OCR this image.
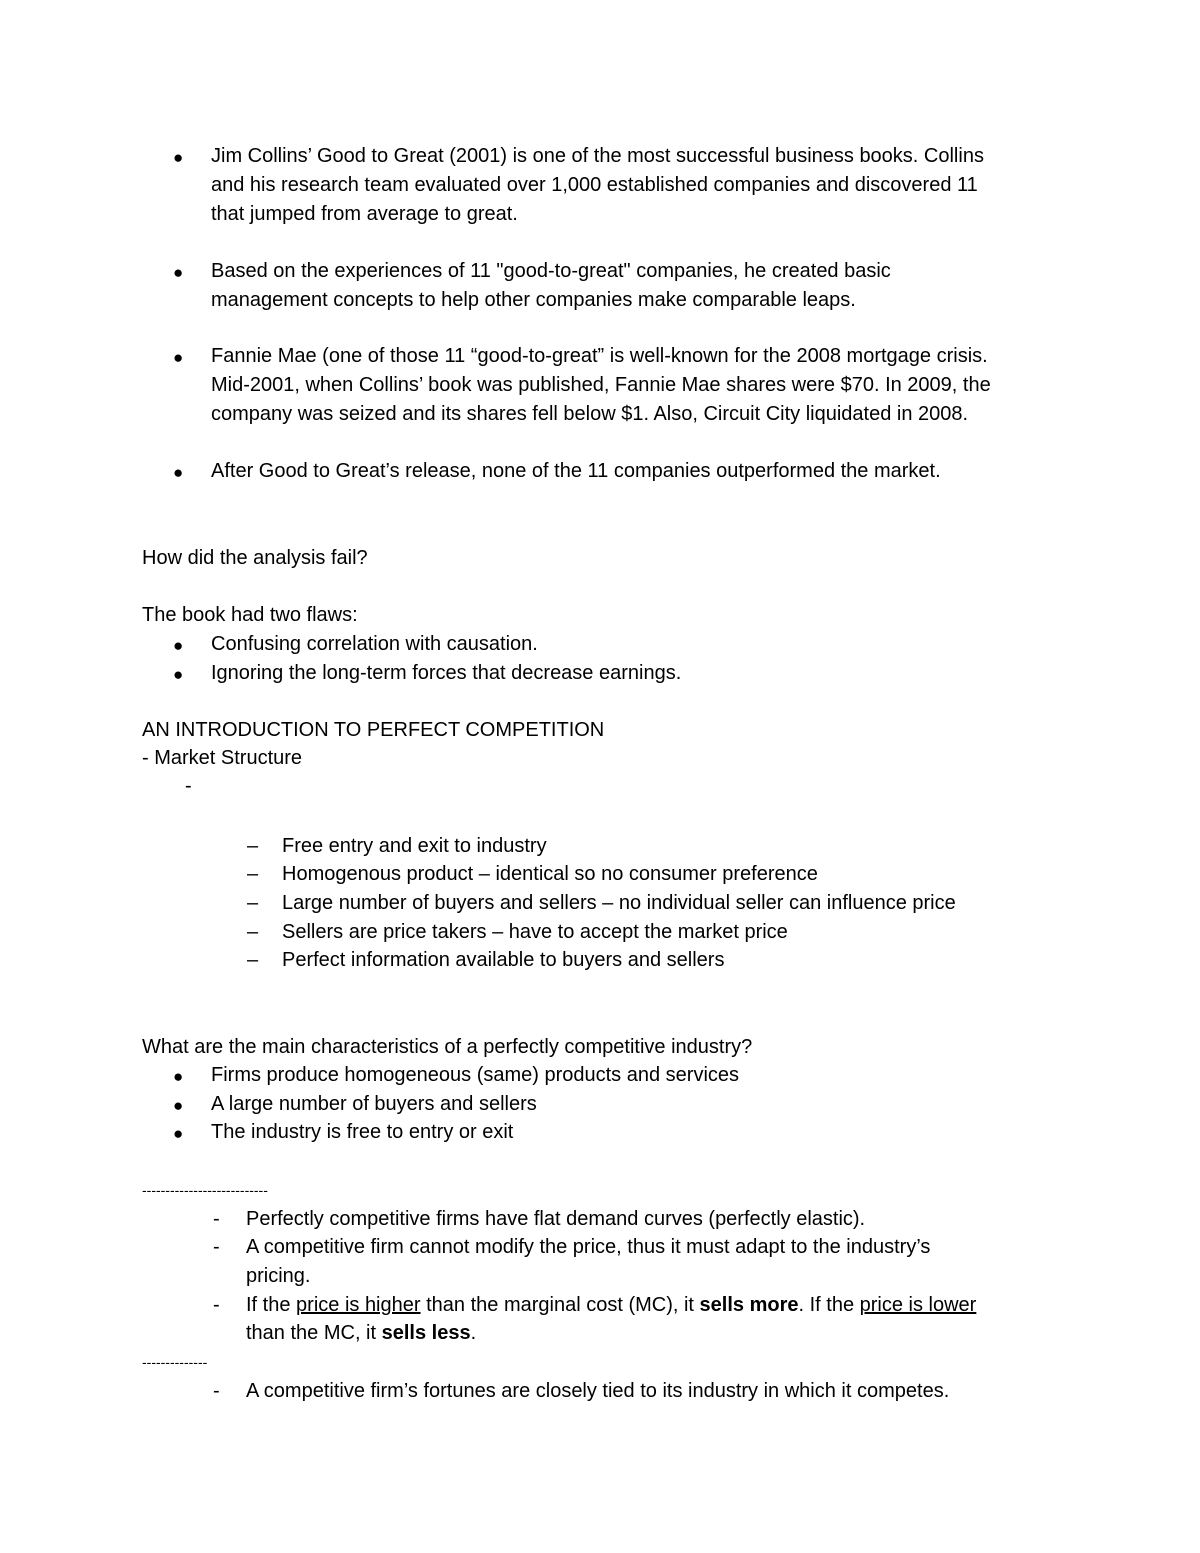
● Jim Collins’ Good to Great (2001) is one of the most successful business books. Collins
and his research team evaluated over 1,000 established companies and discovered 11
that jumped from average to great.
● Based on the experiences of 11 "good-to-great" companies, he created basic
management concepts to help other companies make comparable leaps.
● Fannie Mae (one of those 11 “good-to-great” is well-known for the 2008 mortgage crisis.
Mid-2001, when Collins’ book was published, Fannie Mae shares were $70. In 2009, the
company was seized and its shares fell below $1. Also, Circuit City liquidated in 2008.
● After Good to Great’s release, none of the 11 companies outperformed the market.
How did the analysis fail?
The book had two flaws:
● Confusing correlation with causation.
● Ignoring the long-term forces that decrease earnings.
AN INTRODUCTION TO PERFECT COMPETITION
- Market Structure
-
– Free entry and exit to industry
– Homogenous product – identical so no consumer preference
– Large number of buyers and sellers – no individual seller can influence price
– Sellers are price takers – have to accept the market price
– Perfect information available to buyers and sellers
What are the main characteristics of a perfectly competitive industry?
● Firms produce homogeneous (same) products and services
● A large number of buyers and sellers
● The industry is free to entry or exit
---------------------------
- Perfectly competitive firms have flat demand curves (perfectly elastic).
- A competitive firm cannot modify the price, thus it must adapt to the industry’s
pricing.
- If the price is higher than the marginal cost (MC), it sells more. If the price is lower
than the MC, it sells less.
--------------
- A competitive firm’s fortunes are closely tied to its industry in which it competes.
